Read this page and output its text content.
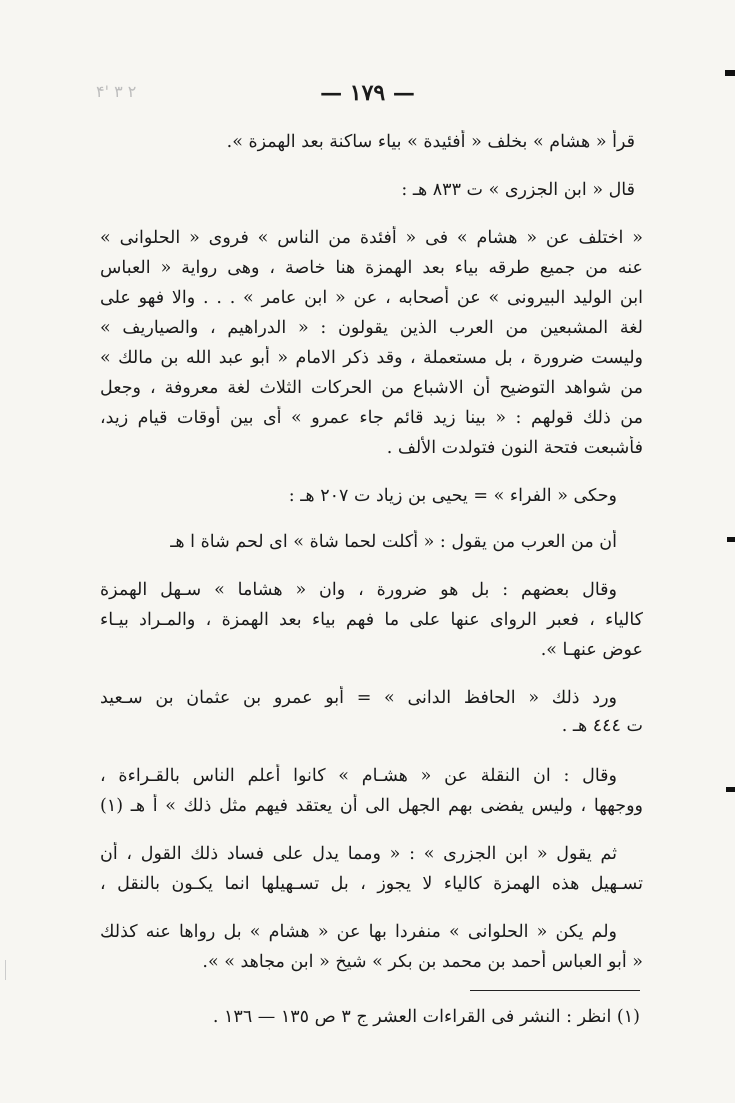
۴' ۳ ۲	— ١٧٩ —
قرأ « هشام » بخلف « أفئيدة » بياء ساكنة بعد الهمزة ».
قال « ابن الجزرى » ت ٨٣٣ هـ :
« اختلف عن « هشام » فى « أفئدة من الناس » فروى « الحلوانى »
عنه من جميع طرقه بياء بعد الهمزة هنا خاصة ، وهى رواية « العباس
ابن الوليد البيرونى » عن أصحابه ، عن « ابن عامر » . . . والا فهو على
لغة المشبعين من العرب الذين يقولون : « الدراهيم ، والصياريف »
وليست ضرورة ، بل مستعملة ، وقد ذكر الامام « أبو عبد الله بن مالك »
من شواهد التوضيح أن الاشباع من الحركات الثلاث لغة معروفة ، وجعل
من ذلك قولهم : « بينا زيد قائم جاء عمرو » أى بين أوقات قيام زيد،
فأشبعت فتحة النون فتولدت الألف .
وحكى « الفراء » = يحيى بن زياد ت ٢٠٧ هـ :
أن من العرب من يقول : « أكلت لحما شاة » اى لحم شاة ا هـ
وقال بعضهم : بل هو ضرورة ، وان « هشاما » سـهل الهمزة
كالياء ، فعبر الرواى عنها على ما فهم بياء بعد الهمزة ، والمـراد بيـاء
عوض عنهـا ».
ورد ذلك « الحافظ الدانى » = أبو عمرو بن عثمان بن سـعيد
ت ٤٤٤ هـ .
وقال : ان النقلة عن « هشـام » كانوا أعلم الناس بالقـراءة ،
ووجهها ، وليس يفضى بهم الجهل الى أن يعتقد فيهم مثل ذلك » أ هـ (١)
ثم يقول « ابن الجزرى » : « ومما يدل على فساد ذلك القول ، أن
تسـهيل هذه الهمزة كالياء لا يجوز ، بل تسـهيلها انما يكـون بالنقل ،
ولم يكن « الحلوانى » منفردا بها عن « هشام » بل رواها عنه كذلك
« أبو العباس أحمد بن محمد بن بكر » شيخ « ابن مجاهد » ».
(١) انظر : النشر فى القراءات العشر ج ٣ ص ١٣٥ — ١٣٦ .
